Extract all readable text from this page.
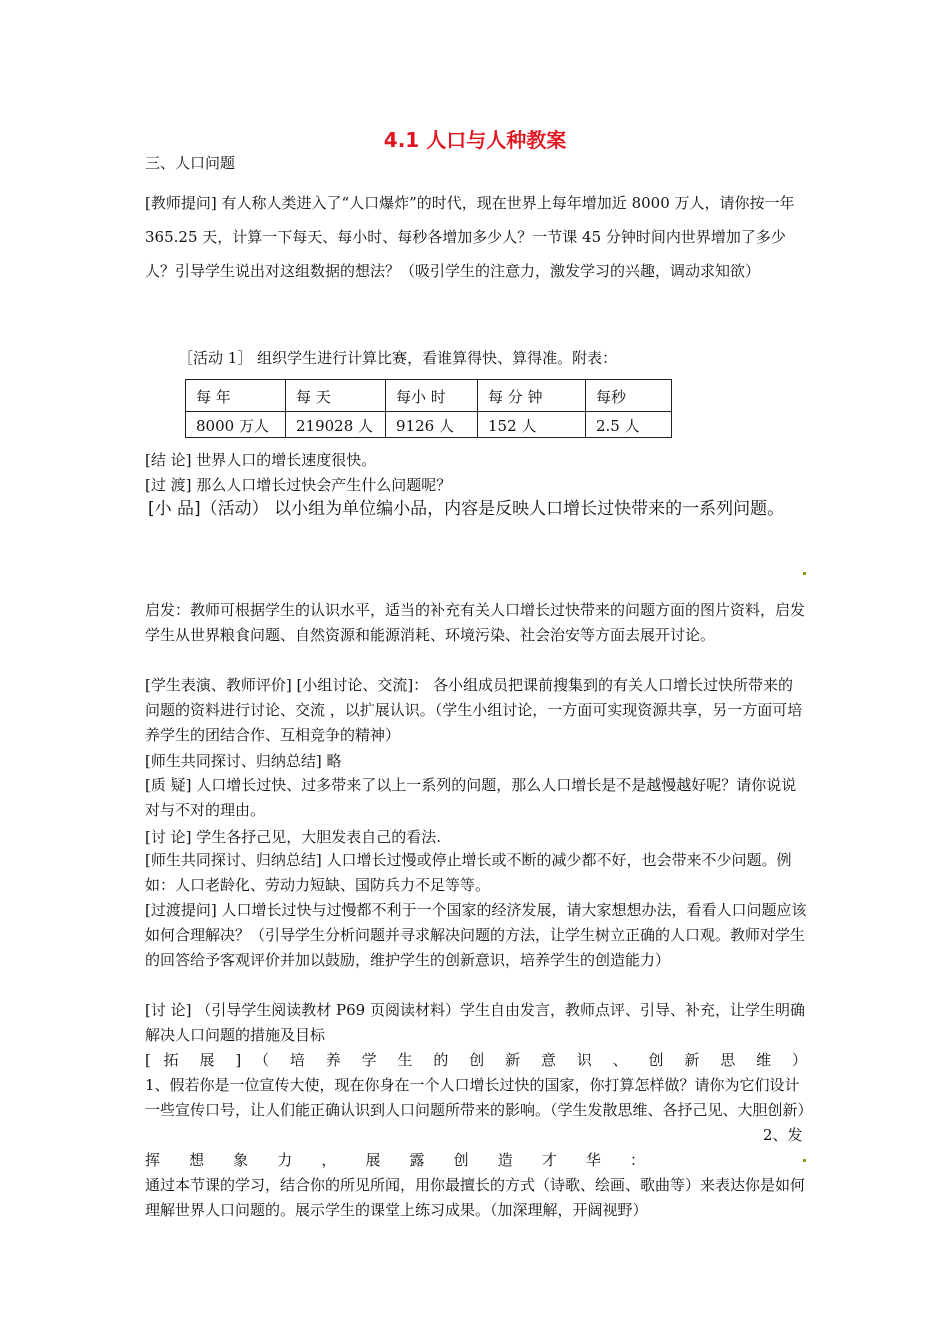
4.1 人口与人种教案
三、人口问题
[教师提问] 有人称人类进入了“人口爆炸”的时代，现在世界上每年增加近 8000 万人，请你按一年 365.25 天，计算一下每天、每小时、每秒各增加多少人？一节课 45 分钟时间内世界增加了多少人？引导学生说出对这组数据的想法？（吸引学生的注意力，激发学习的兴趣，调动求知欲）
［活动 1］ 组织学生进行计算比赛，看谁算得快、算得准。附表：
每 年	每 天	每小 时	每 分 钟	每秒
8000 万人	219028 人	9126 人	152 人	2.5 人
[结 论] 世界人口的增长速度很快。
[过 渡] 那么人口增长过快会产生什么问题呢？
[小 品]（活动） 以小组为单位编小品，内容是反映人口增长过快带来的一系列问题。
启发：教师可根据学生的认识水平，适当的补充有关人口增长过快带来的问题方面的图片资料，启发学生从世界粮食问题、自然资源和能源消耗、环境污染、社会治安等方面去展开讨论。
[学生表演、教师评价] [小组讨论、交流]： 各小组成员把课前搜集到的有关人口增长过快所带来的问题的资料进行讨论、交流 ，以扩展认识。（学生小组讨论，一方面可实现资源共享，另一方面可培养学生的团结合作、互相竞争的精神）
[师生共同探讨、归纳总结] 略
[质 疑] 人口增长过快、过多带来了以上一系列的问题，那么人口增长是不是越慢越好呢？请你说说对与不对的理由。
[讨 论] 学生各抒己见，大胆发表自己的看法.
[师生共同探讨、归纳总结] 人口增长过慢或停止增长或不断的减少都不好，也会带来不少问题。例如：人口老龄化、劳动力短缺、国防兵力不足等等。
[过渡提问] 人口增长过快与过慢都不利于一个国家的经济发展，请大家想想办法，看看人口问题应该如何合理解决？（引导学生分析问题并寻求解决问题的方法，让学生树立正确的人口观。教师对学生的回答给予客观评价并加以鼓励，维护学生的创新意识，培养学生的创造能力）
[讨 论] （引导学生阅读教材 P69 页阅读材料）学生自由发言，教师点评、引导、补充，让学生明确解决人口问题的措施及目标
[ 拓 展 ] （ 培 养 学 生 的 创 新 意 识 、 创 新 思 维 ）
1、假若你是一位宣传大使，现在你身在一个人口增长过快的国家，你打算怎样做？请你为它们设计一些宣传口号，让人们能正确认识到人口问题所带来的影响。（学生发散思维、各抒己见、大胆创新）
2、发
挥 想 象 力 ， 展 露 创 造 才 华 ：
通过本节课的学习，结合你的所见所闻，用你最擅长的方式（诗歌、绘画、歌曲等）来表达你是如何理解世界人口问题的。展示学生的课堂上练习成果。（加深理解，开阔视野）
